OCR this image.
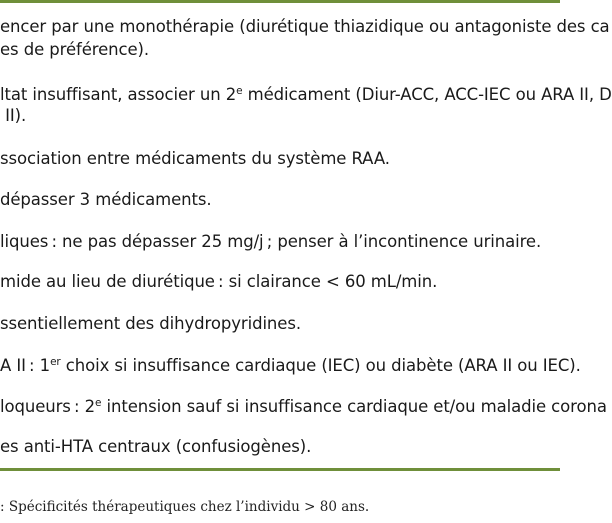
encer par une monothérapie (diurétique thiazidique ou antagoniste des ca
es de préférence).
ltat insuffisant, associer un 2e médicament (Diur-ACC, ACC-IEC ou ARA II, D
II).
ssociation entre médicaments du système RAA.
dépasser 3 médicaments.
liques : ne pas dépasser 25 mg/j ; penser à l’incontinence urinaire.
mide au lieu de diurétique : si clairance < 60 mL/min.
ssentiellement des dihydropyridines.
A II : 1er choix si insuffisance cardiaque (IEC) ou diabète (ARA II ou IEC).
loqueurs : 2e intension sauf si insuffisance cardiaque et/ou maladie corona
es anti-HTA centraux (confusiogènes).
: Spécificités thérapeutiques chez l’individu > 80 ans.
